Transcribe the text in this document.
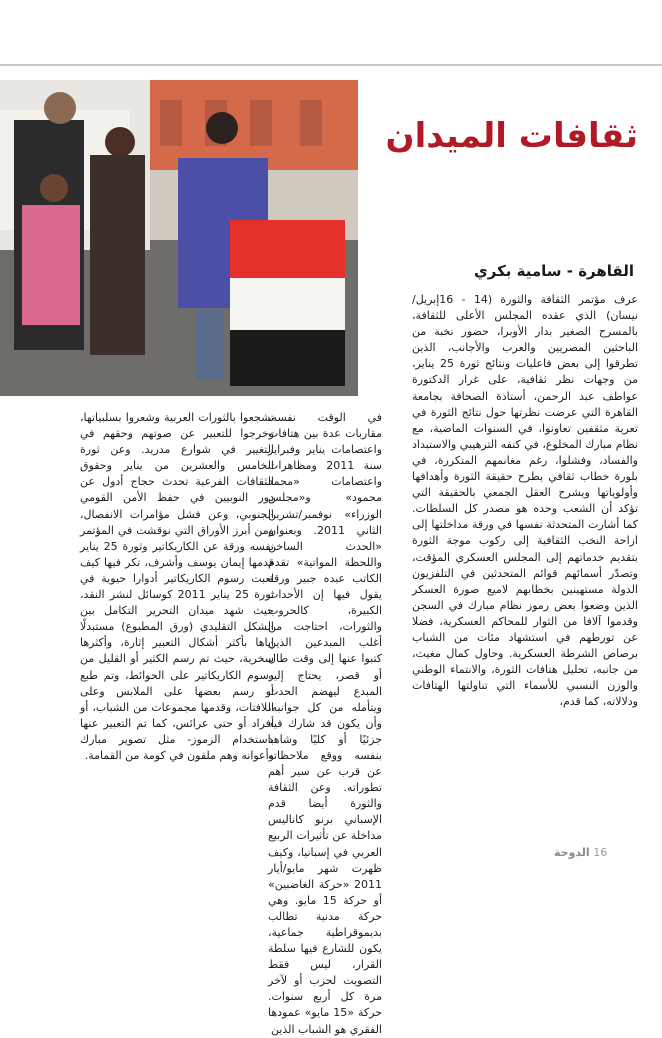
ثقافات الميدان
القاهرة - سامية بكري

عرف مؤتمر الثقافة والثورة (14 - 16إبريل/نيسان) الذي عقده المجلس الأعلى للثقافة، بالمسرح الصغير بدار الأوبرا، حضور نخبة من الباحثين المصريين والعرب والأجانب، الذين تطرقوا إلى بعض فاعليات ونتائج ثورة 25 يناير، من وجهات نظر ثقافية، على غرار الدكتورة عواطف عبد الرحمن، أستاذة الصحافة بجامعة القاهرة التي عرضت نظرتها حول نتائج الثورة في تعرية مثقفين تعاونوا، في السنوات الماضية، مع نظام مبارك المخلوع، في كنفه الترهيبي والاستبداد والفساد، وفشلوا، رغم مغانمهم المتكررة، في بلورة خطاب ثقافي يطرح حقيقة الثورة وأهدافها وأولوياتها ويشرح العقل الجمعي بالحقيقة التي تؤكد أن الشعب وحده هو مصدر كل السلطات. كما أشارت المتحدثة نفسها في ورقة مداخلتها إلى ازاحة النخب الثقافية إلى ركوب موجة الثورة بتقديم خدماتهم إلى المجلس العسكري المؤقت، وتصدّر أسمائهم قوائم المتحدثين في التلفزيون الدولة مستهينين بخطابهم لاميع صورة العسكر الذين وضعوا بعض رموز نظام مبارك في السجن وقدموا آلافا من الثوار للمحاكم العسكرية، فضلا عن تورطهم في استشهاد مئات من الشباب برصاص الشرطة العسكرية. وحاول كمال مغيث، من جانبه، تحليل هتافات الثورة، والانتماء الوطني والوزن النسبي للأسماء التي تناولتها الهتافات ودلالاته، كما قدم،

في الوقت نفسه، مقاربات عدة بين هتافات واعتصامات يناير وفبراير سنة 2011 ومظاهرات واعتصامات «محمد محمود» و«مجلس الوزراء» نوفمبر/تشرين الثاني 2011. وبعنوان «الحدث الساخن واللحظة المواتية» تقدم الكاتب عبده جبير ورقة يقول فيها إن الأحداث الكبيرة، كالحروب والثورات، احتاجت من أغلب المبدعين الذين كتبوا عنها إلى وقت طال أو قصر، يحتاج إليه المبدع ليهضم الحدث ويتأمله من كل جوانبه، وأن يكون قد شارك فيه جزئيًا أو كليًا وشاهد بنفسه ووقع ملاحظاته عن قرب عن سير أهم تطوراته. وعن الثقافة والثورة أيضا قدم الإسباني برنو كاناليس مداخلة عن تأثيرات الربيع العربي في إسبانيا، وكيف ظهرت شهر مايو/أيار 2011 «حركة الغاضبين» أو حركة 15 مايو. وهي حركة مدنية تطالب بديموقراطية جماعية، يكون للشارع فيها سلطة القرار، ليس فقط التصويت لحزب أو لآخر مرة كل أربع سنوات. حركة «15 مايو» عمودها الفقري هو الشباب الذين

تشجعوا بالثورات العربية وشعروا بسلبياتها، وخرجوا للتعبير عن صوتهم وحقهم في التغيير في شوارع مدريد. وعن ثورة الخامس والعشرين من يناير وحقوق الثقافات الفرعية تحدث حجاج أدول عن دور النوبيين في حفظ الأمن القومي الجنوبي، وعن فشل مؤامرات الانفصال، ومن أبرز الأوراق التي نوقشت في المؤتمر نفسه ورقة عن الكاريكاتير وثورة 25 يناير قدمها إيمان يوسف وأشرف، تكر فيها كيف لعبت رسوم الكاريكاتير أدوارا حيوية في ثورة 25 يناير 2011 كوسائل لنشر النقد، حيث شهد ميدان التحرير التكامل بين الشكل التقليدي (ورق المطبوع) مستبدلًا إياها بأكثر أشكال التعبير إثارة، وأكثرها سخرية، حيث تم رسم الكثير أو القليل من رسوم الكاريكاتير على الحوائط، وتم طبع أو رسم بعضها على الملابس وعلى اللافتات، وقدمها مجموعات من الشباب، أو أفراد أو حتى عرائس، كما تم التعبير عنها باستخدام الرموز- مثل تصوير مبارك وأعوانه وهم ملقون في كومة من القمامة.

16 الدوحة
